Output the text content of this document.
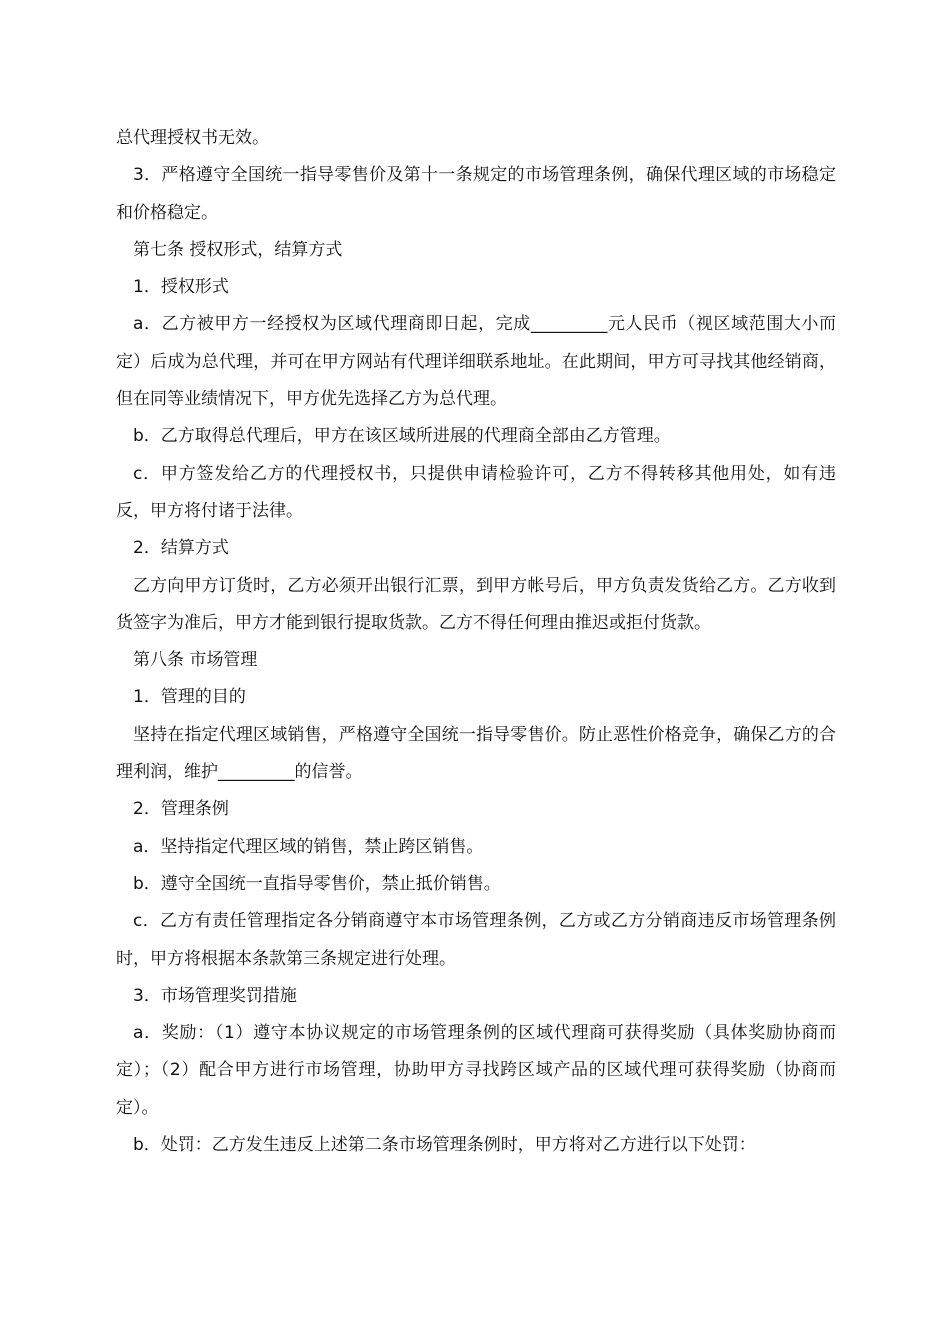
总代理授权书无效。

3．严格遵守全国统一指导零售价及第十一条规定的市场管理条例，确保代理区域的市场稳定和价格稳定。

第七条 授权形式，结算方式

1．授权形式

a．乙方被甲方一经授权为区域代理商即日起，完成_________元人民币（视区域范围大小而定）后成为总代理，并可在甲方网站有代理详细联系地址。在此期间，甲方可寻找其他经销商，但在同等业绩情况下，甲方优先选择乙方为总代理。

b．乙方取得总代理后，甲方在该区域所进展的代理商全部由乙方管理。

c．甲方签发给乙方的代理授权书，只提供申请检验许可，乙方不得转移其他用处，如有违反，甲方将付诸于法律。

2．结算方式

乙方向甲方订货时，乙方必须开出银行汇票，到甲方帐号后，甲方负责发货给乙方。乙方收到货签字为准后，甲方才能到银行提取货款。乙方不得任何理由推迟或拒付货款。

第八条 市场管理

1．管理的目的

坚持在指定代理区域销售，严格遵守全国统一指导零售价。防止恶性价格竞争，确保乙方的合理利润，维护_________的信誉。

2．管理条例

a．坚持指定代理区域的销售，禁止跨区销售。

b．遵守全国统一直指导零售价，禁止抵价销售。

c．乙方有责任管理指定各分销商遵守本市场管理条例，乙方或乙方分销商违反市场管理条例时，甲方将根据本条款第三条规定进行处理。

3．市场管理奖罚措施

a．奖励：（1）遵守本协议规定的市场管理条例的区域代理商可获得奖励（具体奖励协商而定）；（2）配合甲方进行市场管理，协助甲方寻找跨区域产品的区域代理可获得奖励（协商而定）。

b．处罚：乙方发生违反上述第二条市场管理条例时，甲方将对乙方进行以下处罚：
